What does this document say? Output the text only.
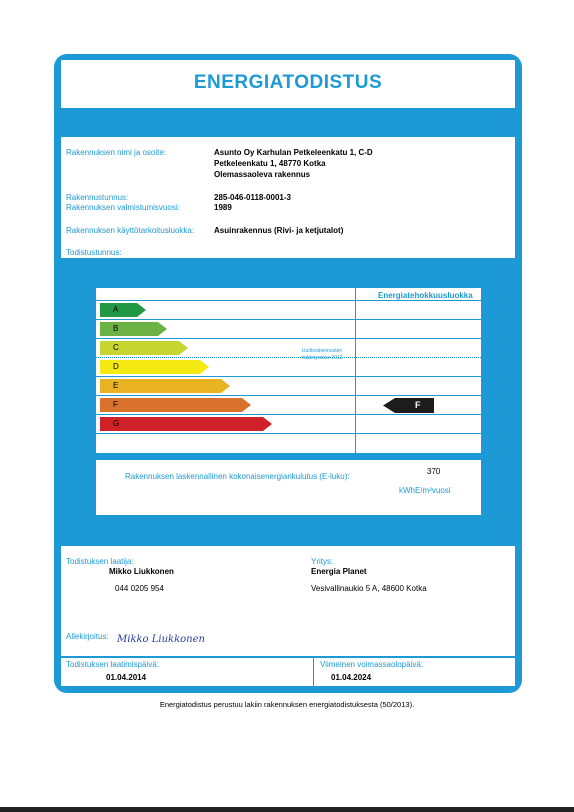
ENERGIATODISTUS
Rakennuksen nimi ja osoite:	Asunto Oy Karhulan Petkeleenkatu 1, C-D
Petkeleenkatu 1, 48770 Kotka
Olemassaoleva rakennus
Rakennustunnus:	285-046-0118-0001-3
Rakennuksen valmistumisvuosi:	1989
Rakennuksen käyttötarkoitusluokka: Asuinrakennus (Rivi- ja ketjutalot)
Todistustunnus:
Energiatehokkuusluokka
Uudisrakennusten
määräystaso 2012
A
B
C
D
E
F
G
F
Rakennuksen laskennallinen kokonaisenergiankulutus (E-luku):
370
kWhE/m²vuosi
Todistuksen laatija:
Mikko Liukkonen
044 0205 954
Yritys:
Energia Planet
Vesivallinaukio 5 A, 48600 Kotka
Allekirjoitus: Mikko Liukkonen
Todistuksen laatimispäivä:
01.04.2014
Viimeinen voimassaolopäivä:
01.04.2024
Energiatodistus perustuu lakiin rakennuksen energiatodistuksesta (50/2013).
